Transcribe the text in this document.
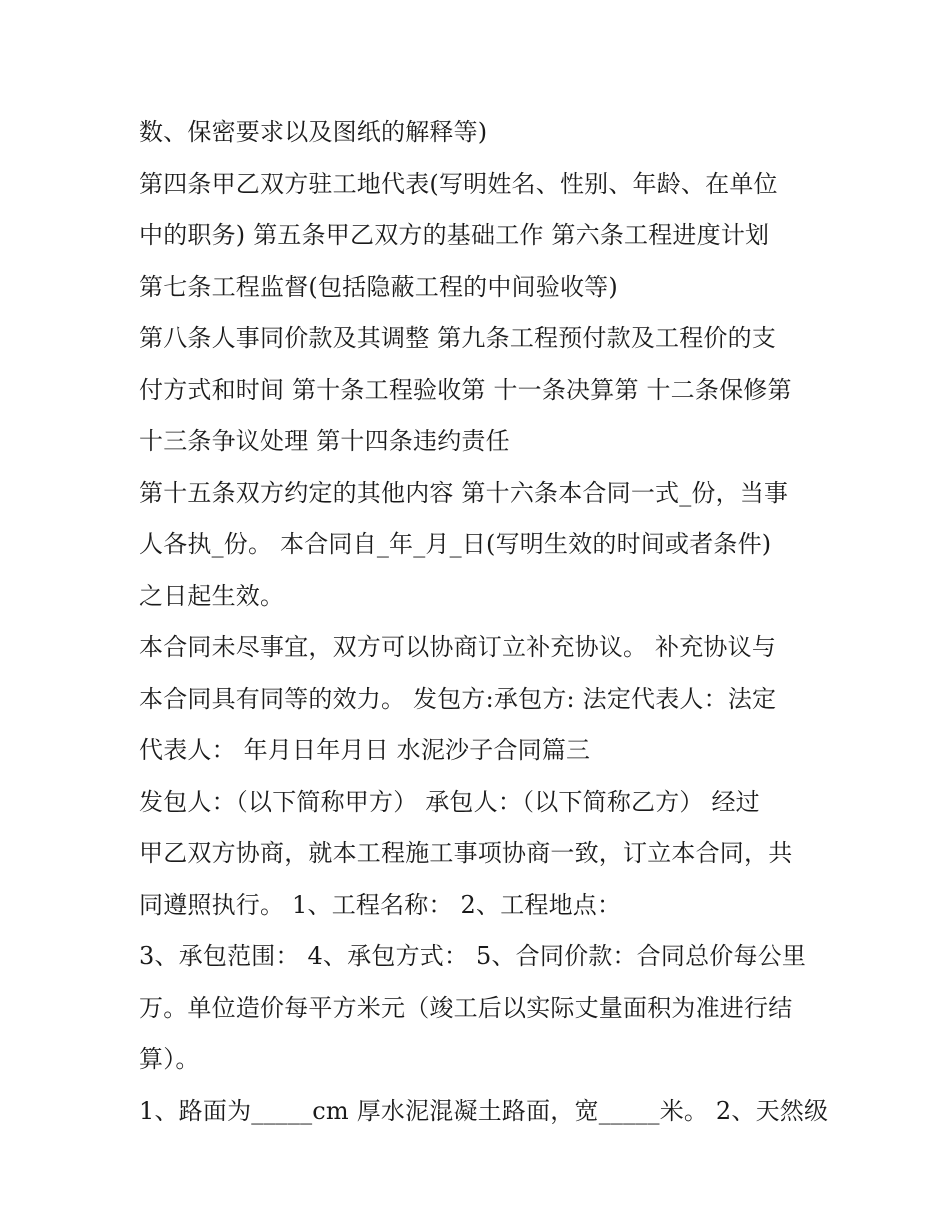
数、保密要求以及图纸的解释等)
第四条甲乙双方驻工地代表(写明姓名、性别、年龄、在单位
中的职务) 第五条甲乙双方的基础工作 第六条工程进度计划
第七条工程监督(包括隐蔽工程的中间验收等)
第八条人事同价款及其调整 第九条工程预付款及工程价的支
付方式和时间 第十条工程验收第 十一条决算第 十二条保修第
十三条争议处理 第十四条违约责任
第十五条双方约定的其他内容 第十六条本合同一式_份，当事
人各执_份。 本合同自_年_月_日(写明生效的时间或者条件)
之日起生效。
本合同未尽事宜，双方可以协商订立补充协议。 补充协议与
本合同具有同等的效力。 发包方:承包方: 法定代表人：法定
代表人： 年月日年月日 水泥沙子合同篇三
发包人：（以下简称甲方） 承包人：（以下简称乙方） 经过
甲乙双方协商，就本工程施工事项协商一致，订立本合同，共
同遵照执行。 1、工程名称： 2、工程地点：
3、承包范围： 4、承包方式： 5、合同价款：合同总价每公里
万。单位造价每平方米元（竣工后以实际丈量面积为准进行结
算）。
1、路面为_____cm 厚水泥混凝土路面，宽_____米。 2、天然级
